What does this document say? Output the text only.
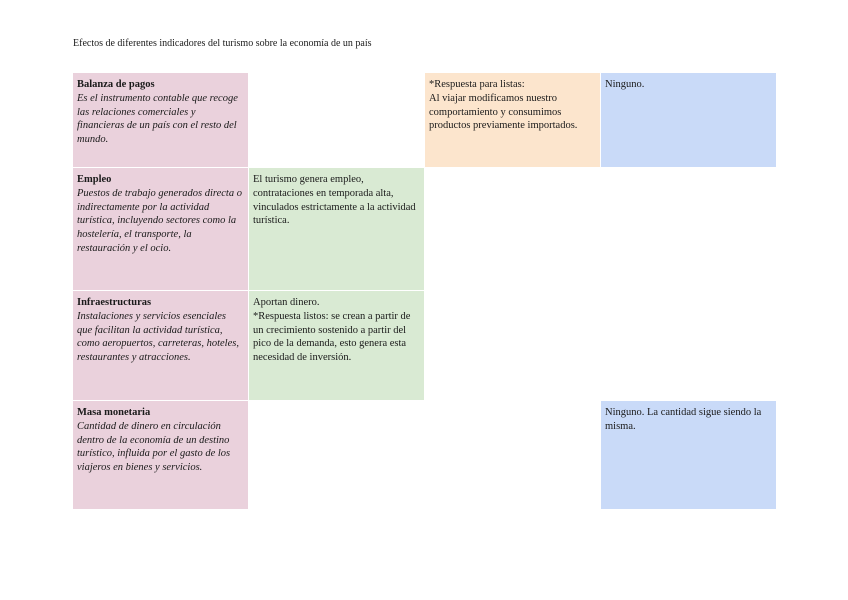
Efectos de diferentes indicadores del turismo sobre la economía de un país
Balanza de pagos
Es el instrumento contable que recoge las relaciones comerciales y financieras de un país con el resto del mundo.
*Respuesta para listas:
Al viajar modificamos nuestro comportamiento y consumimos productos previamente importados.
Ninguno.
Empleo
Puestos de trabajo generados directa o indirectamente por la actividad turística, incluyendo sectores como la hostelería, el transporte, la restauración y el ocio.
El turismo genera empleo, contrataciones en temporada alta, vinculados estrictamente a la actividad turística.
Infraestructuras
Instalaciones y servicios esenciales que facilitan la actividad turística, como aeropuertos, carreteras, hoteles, restaurantes y atracciones.
Aportan dinero.
*Respuesta listos: se crean a partir de un crecimiento sostenido a partir del pico de la demanda, esto genera esta necesidad de inversión.
Masa monetaria
Cantidad de dinero en circulación dentro de la economía de un destino turístico, influida por el gasto de los viajeros en bienes y servicios.
Ninguno. La cantidad sigue siendo la misma.
